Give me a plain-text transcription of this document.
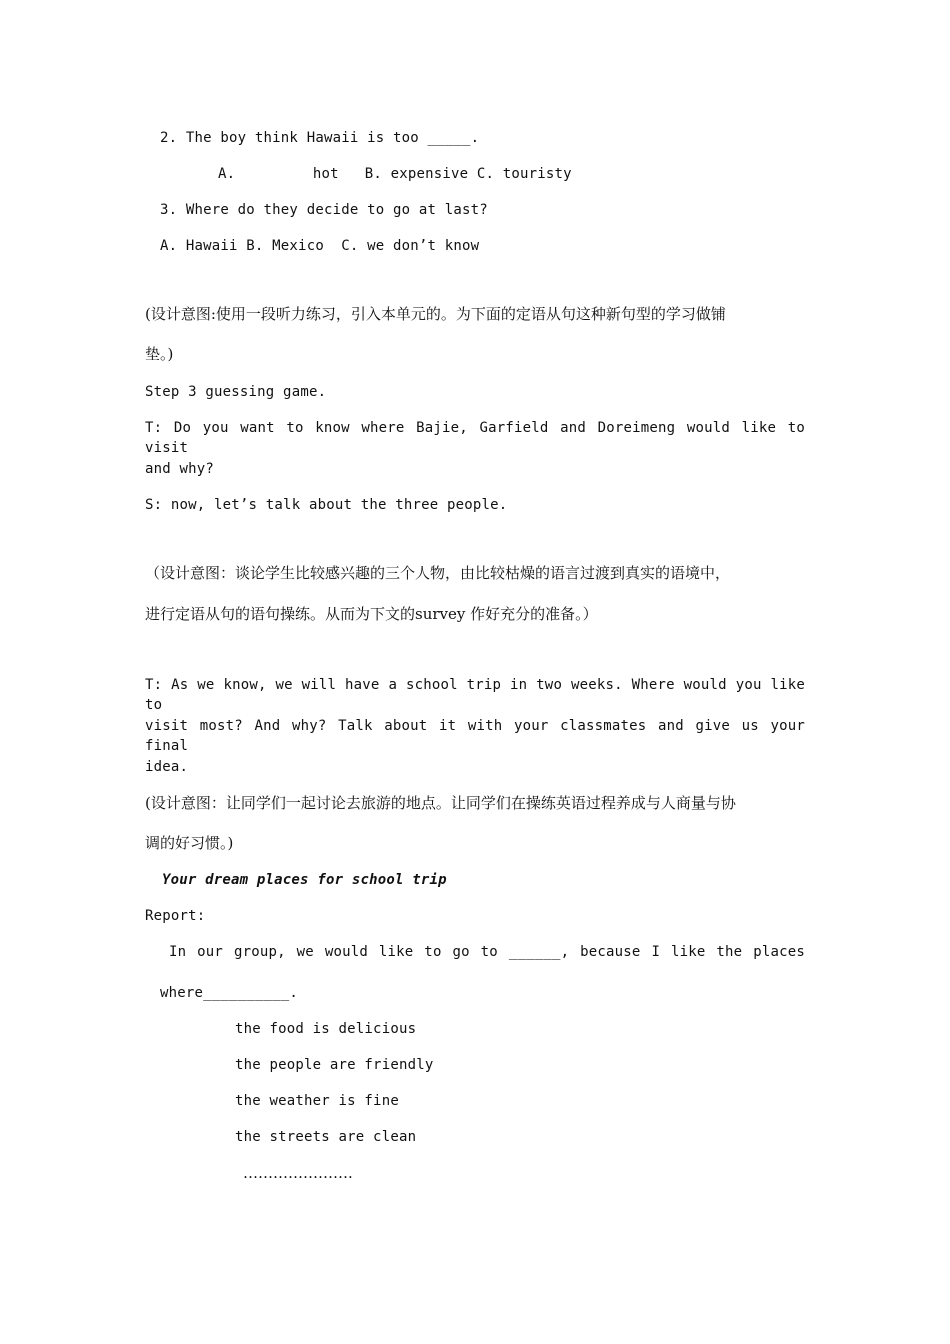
2. The boy think Hawaii is too _____.
A.         hot   B. expensive C. touristy
3. Where do they decide to go at last?
A. Hawaii B. Mexico  C. we don’t know
(设计意图:使用一段听力练习，引入本单元的。为下面的定语从句这种新句型的学习做铺
垫。)
Step 3 guessing game.
T: Do you want to know where Bajie, Garfield and Doreimeng would like to visit
and why?
S: now, let’s talk about the three people.
（设计意图：谈论学生比较感兴趣的三个人物，由比较枯燥的语言过渡到真实的语境中，
进行定语从句的语句操练。从而为下文的survey 作好充分的准备。）
T: As we know, we will have a school trip in two weeks. Where would you like to
visit most? And why? Talk about it with your classmates and give us your final
idea.
(设计意图：让同学们一起讨论去旅游的地点。让同学们在操练英语过程养成与人商量与协
调的好习惯。)
Your dream places for school trip
Report:
In our group, we would like to go to ______, because I like the places
where__________.
the food is delicious
the people are friendly
the weather is fine
the streets are clean
………………….
